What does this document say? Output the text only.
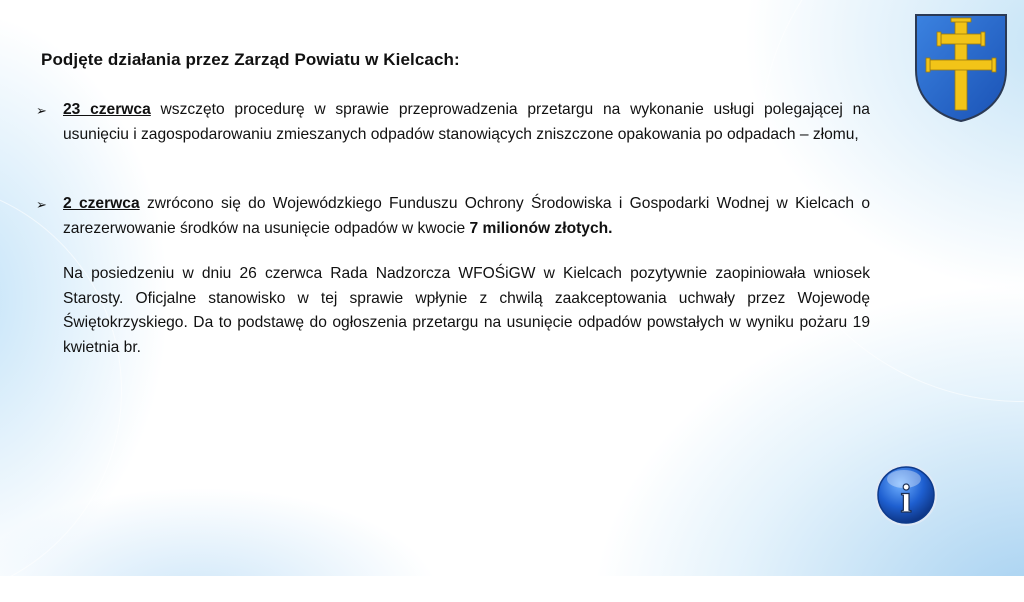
Podjęte działania przez Zarząd Powiatu w Kielcach:
➢	23 czerwca wszczęto procedurę w sprawie przeprowadzenia przetargu na wykonanie usługi polegającej na usunięciu i zagospodarowaniu zmieszanych odpadów stanowiących zniszczone opakowania po odpadach – złomu,
➢	2 czerwca zwrócono się do Wojewódzkiego Funduszu Ochrony Środowiska i Gospodarki Wodnej w Kielcach o zarezerwowanie środków na usunięcie odpadów w kwocie 7 milionów złotych.
Na posiedzeniu w dniu 26 czerwca Rada Nadzorcza WFOŚiGW w Kielcach pozytywnie zaopiniowała wniosek Starosty. Oficjalne stanowisko w tej sprawie wpłynie z chwilą zaakceptowania uchwały przez Wojewodę Świętokrzyskiego. Da to podstawę do ogłoszenia przetargu na usunięcie odpadów powstałych w wyniku pożaru 19 kwietnia br.
i
